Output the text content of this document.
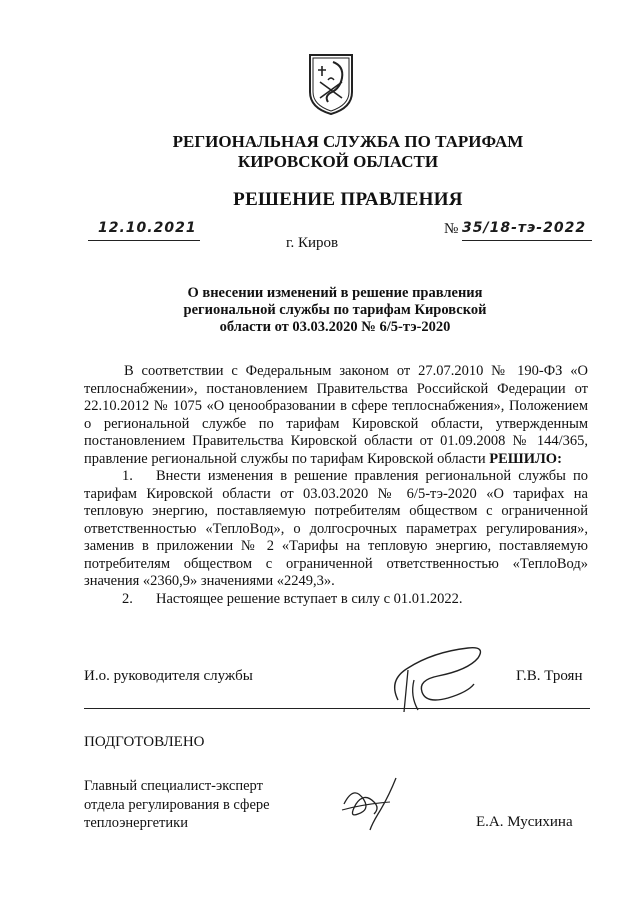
РЕГИОНАЛЬНАЯ СЛУЖБА ПО ТАРИФАМ
КИРОВСКОЙ ОБЛАСТИ
РЕШЕНИЕ ПРАВЛЕНИЯ
12.10.2021	№ 35/18-тэ-2022
г. Киров
О внесении изменений в решение правления
региональной службы по тарифам Кировской
области от 03.03.2020 № 6/5-тэ-2020

В соответствии с Федеральным законом от 27.07.2010 № 190-ФЗ «О теплоснабжении», постановлением Правительства Российской Федерации от 22.10.2012 № 1075 «О ценообразовании в сфере теплоснабжения», Положением о региональной службе по тарифам Кировской области, утвержденным постановлением Правительства Кировской области от 01.09.2008 № 144/365, правление региональной службы по тарифам Кировской области РЕШИЛО:

1. Внести изменения в решение правления региональной службы по тарифам Кировской области от 03.03.2020 № 6/5-тэ-2020 «О тарифах на тепловую энергию, поставляемую потребителям обществом с ограниченной ответственностью «ТеплоВод», о долгосрочных параметрах регулирования», заменив в приложении № 2 «Тарифы на тепловую энергию, поставляемую потребителям обществом с ограниченной ответственностью «ТеплоВод» значения «2360,9» значениями «2249,3».

2. Настоящее решение вступает в силу с 01.01.2022.

И.о. руководителя службы	Г.В. Троян
ПОДГОТОВЛЕНО
Главный специалист-эксперт
отдела регулирования в сфере
теплоэнергетики	Е.А. Мусихина
